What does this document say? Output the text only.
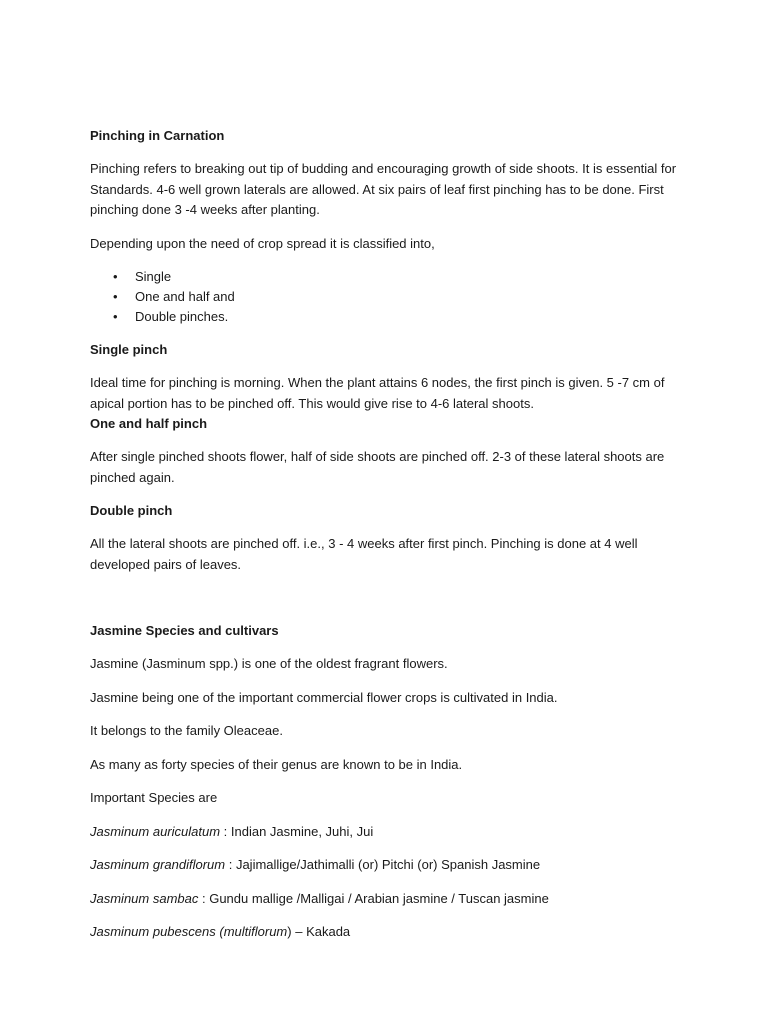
Pinching in Carnation

Pinching refers to breaking out tip of budding and encouraging growth of side shoots. It is essential for Standards. 4-6 well grown laterals are allowed. At six pairs of leaf first pinching has to be done. First pinching done 3 -4 weeks after planting.

Depending upon the need of crop spread it is classified into,

• Single
• One and half and
• Double pinches.
Single pinch

Ideal time for pinching is morning. When the plant attains 6 nodes, the first pinch is given. 5 -7 cm of apical portion has to be pinched off. This would give rise to 4-6 lateral shoots.

One and half pinch

After single pinched shoots flower, half of side shoots are pinched off. 2-3 of these lateral shoots are pinched again.

Double pinch

All the lateral shoots are pinched off. i.e., 3 - 4 weeks after first pinch. Pinching is done at 4 well developed pairs of leaves.

Jasmine Species and cultivars

Jasmine (Jasminum spp.) is one of the oldest fragrant flowers.

Jasmine being one of the important commercial flower crops is cultivated in India.

It belongs to the family Oleaceae.

As many as forty species of their genus are known to be in India.

Important Species are

Jasminum auriculatum : Indian Jasmine, Juhi, Jui

Jasminum grandiflorum : Jajimallige/Jathimalli (or) Pitchi (or) Spanish Jasmine

Jasminum sambac : Gundu mallige /Malligai / Arabian jasmine / Tuscan jasmine

Jasminum pubescens (multiflorum) – Kakada
